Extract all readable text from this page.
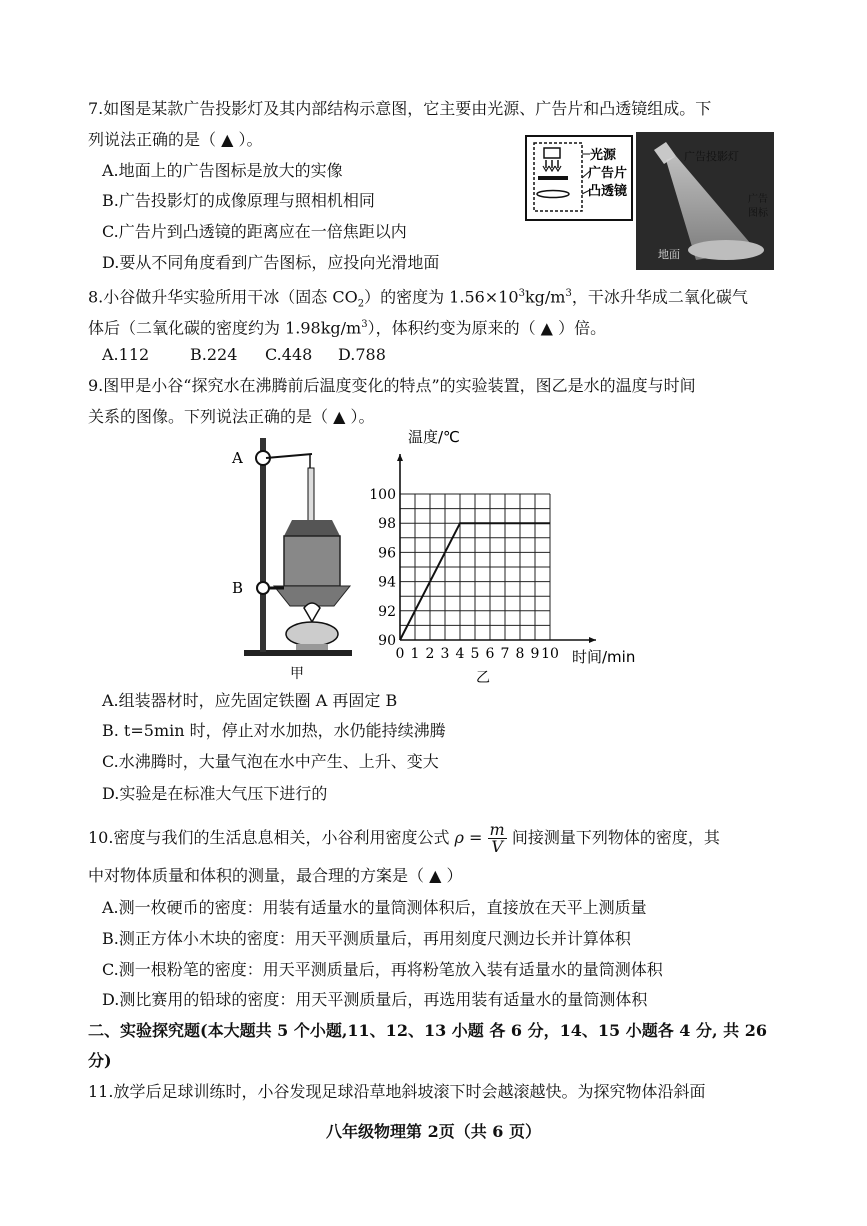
7.如图是某款广告投影灯及其内部结构示意图，它主要由光源、广告片和凸透镜组成。下
列说法正确的是（ ▲ ）。
A.地面上的广告图标是放大的实像
B.广告投影灯的成像原理与照相机相同
C.广告片到凸透镜的距离应在一倍焦距以内
D.要从不同角度看到广告图标，应投向光滑地面
光源
广告片
凸透镜
广告投影灯
广告
图标
地面
8.小谷做升华实验所用干冰（固态 $CO_2$）的密度为 $1.56\times 10^3kg/m^3$，干冰升华成二氧化碳气
体后（二氧化碳的密度约为 $1.98kg/m^3$），体积约变为原来的（ ▲ ）倍。
A.112	B.224 C.448 D.788
9.图甲是小谷“探究水在沸腾前后温度变化的特点”的实验装置，图乙是水的温度与时间
关系的图像。下列说法正确的是（ ▲ ）。
A
B
甲
0 1 2 3 4 5 6 7 8 9 10
90
92
94
96
98
100
温度/℃
时间/min
乙
A.组装器材时，应先固定铁圈 A 再固定 B
B. t=5min 时，停止对水加热，水仍能持续沸腾
C.水沸腾时，大量气泡在水中产生、上升、变大
D.实验是在标准大气压下进行的
10.密度与我们的生活息息相关，小谷利用密度公式 $\rho = \frac{m}{V}$ 间接测量下列物体的密度，其
中对物体质量和体积的测量，最合理的方案是（ ▲ ）
A.测一枚硬币的密度：用装有适量水的量筒测体积后，直接放在天平上测质量
B.测正方体小木块的密度：用天平测质量后，再用刻度尺测边长并计算体积
C.测一根粉笔的密度：用天平测质量后，再将粉笔放入装有适量水的量筒测体积
D.测比赛用的铅球的密度：用天平测质量后，再选用装有适量水的量筒测体积
二、实验探究题(本大题共 5 个小题,11、12、13 小题 各 6 分，14、15 小题各 4 分, 共 26
分)
11.放学后足球训练时，小谷发现足球沿草地斜坡滚下时会越滚越快。为探究物体沿斜面
八年级物理第 2页（共 6 页）
